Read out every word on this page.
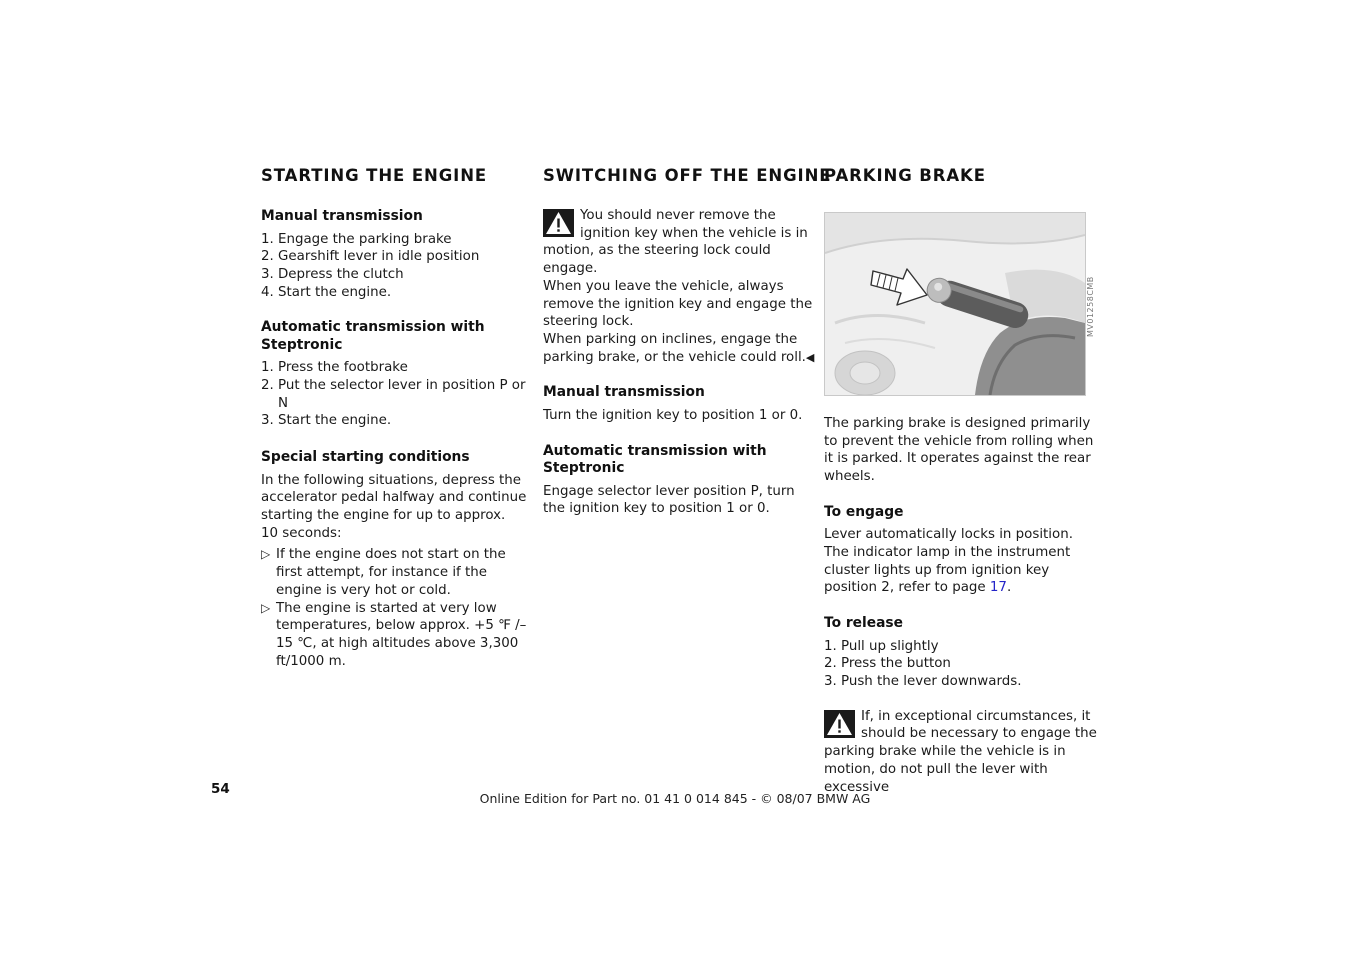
STARTING THE ENGINE
Manual transmission
1. Engage the parking brake
2. Gearshift lever in idle position
3. Depress the clutch
4. Start the engine.
Automatic transmission with Steptronic
1. Press the footbrake
2. Put the selector lever in position P or N
3. Start the engine.
Special starting conditions

In the following situations, depress the accelerator pedal halfway and continue starting the engine for up to approx.

10 seconds:

▷ If the engine does not start on the first attempt, for instance if the engine is very hot or cold.
▷ The engine is started at very low temperatures, below approx. +5 ℉ /–15 ℃, at high altitudes above 3,300 ft/1000 m.
SWITCHING OFF THE ENGINE

You should never remove the ignition key when the vehicle is in motion, as the steering lock could engage.

When you leave the vehicle, always remove the ignition key and engage the steering lock.

When parking on inclines, engage the parking brake, or the vehicle could roll.◀

Manual transmission

Turn the ignition key to position 1 or 0.

Automatic transmission with Steptronic

Engage selector lever position P, turn the ignition key to position 1 or 0.

PARKING BRAKE
MV01258CMB

The parking brake is designed primarily to prevent the vehicle from rolling when it is parked. It operates against the rear wheels.

To engage

Lever automatically locks in position.

The indicator lamp in the instrument cluster lights up from ignition key position 2, refer to page 17.

To release
1. Pull up slightly
2. Press the button
3. Push the lever downwards.

If, in exceptional circumstances, it should be necessary to engage the parking brake while the vehicle is in motion, do not pull the lever with excessive

54
Online Edition for Part no. 01 41 0 014 845 - © 08/07 BMW AG
